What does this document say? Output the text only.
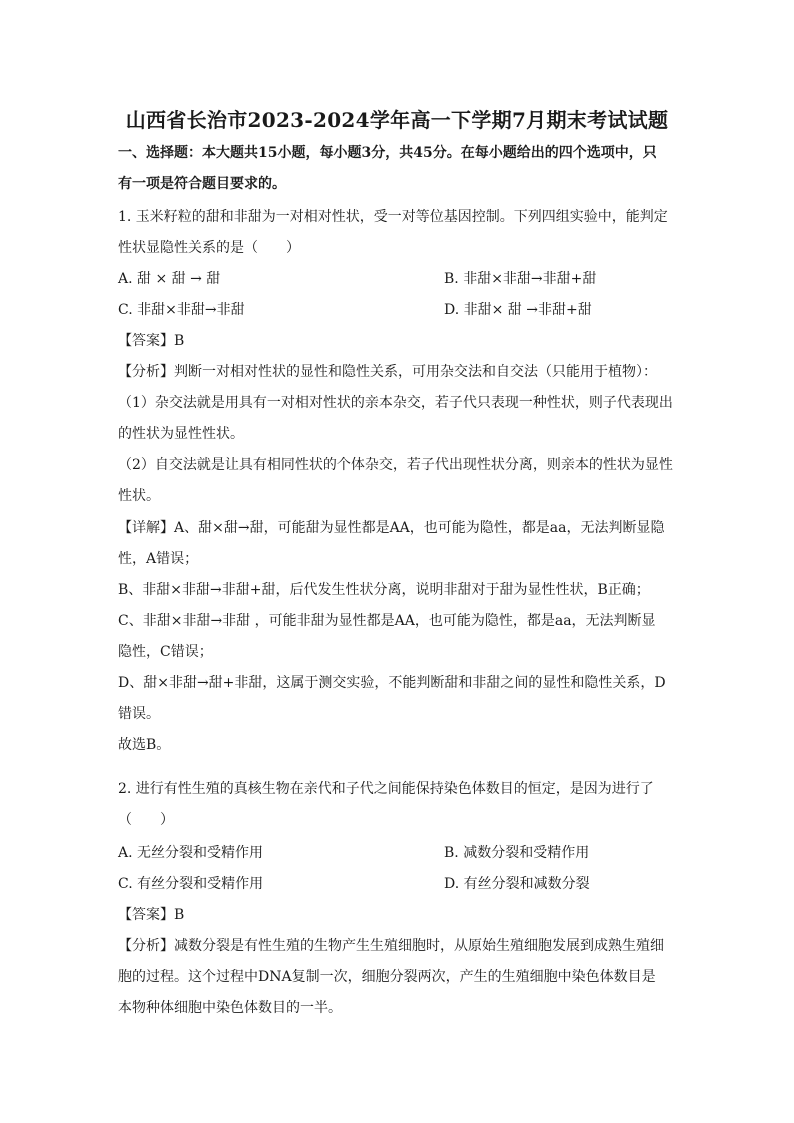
山西省长治市2023-2024学年高一下学期7月期末考试试题
一、选择题：本大题共15小题，每小题3分，共45分。在每小题给出的四个选项中，只
有一项是符合题目要求的。
1. 玉米籽粒的甜和非甜为一对相对性状，受一对等位基因控制。下列四组实验中，能判定
性状显隐性关系的是（　　）
A. 甜 × 甜 → 甜	B. 非甜×非甜→非甜+甜
C. 非甜×非甜→非甜	D. 非甜× 甜 →非甜+甜
【答案】B
【分析】判断一对相对性状的显性和隐性关系，可用杂交法和自交法（只能用于植物）：
（1）杂交法就是用具有一对相对性状的亲本杂交，若子代只表现一种性状，则子代表现出
的性状为显性性状。
（2）自交法就是让具有相同性状的个体杂交，若子代出现性状分离，则亲本的性状为显性
性状。
【详解】A、甜×甜→甜，可能甜为显性都是AA，也可能为隐性，都是aa，无法判断显隐
性，A错误；
B、非甜×非甜→非甜+甜，后代发生性状分离，说明非甜对于甜为显性性状，B正确；
C、非甜×非甜→非甜 ，可能非甜为显性都是AA，也可能为隐性，都是aa，无法判断显
隐性，C错误；
D、甜×非甜→甜+非甜，这属于测交实验，不能判断甜和非甜之间的显性和隐性关系，D
错误。
故选B。
2. 进行有性生殖的真核生物在亲代和子代之间能保持染色体数目的恒定，是因为进行了
（　　）
A. 无丝分裂和受精作用	B. 减数分裂和受精作用
C. 有丝分裂和受精作用	D. 有丝分裂和减数分裂
【答案】B
【分析】减数分裂是有性生殖的生物产生生殖细胞时，从原始生殖细胞发展到成熟生殖细
胞的过程。这个过程中DNA复制一次，细胞分裂两次，产生的生殖细胞中染色体数目是
本物种体细胞中染色体数目的一半。
